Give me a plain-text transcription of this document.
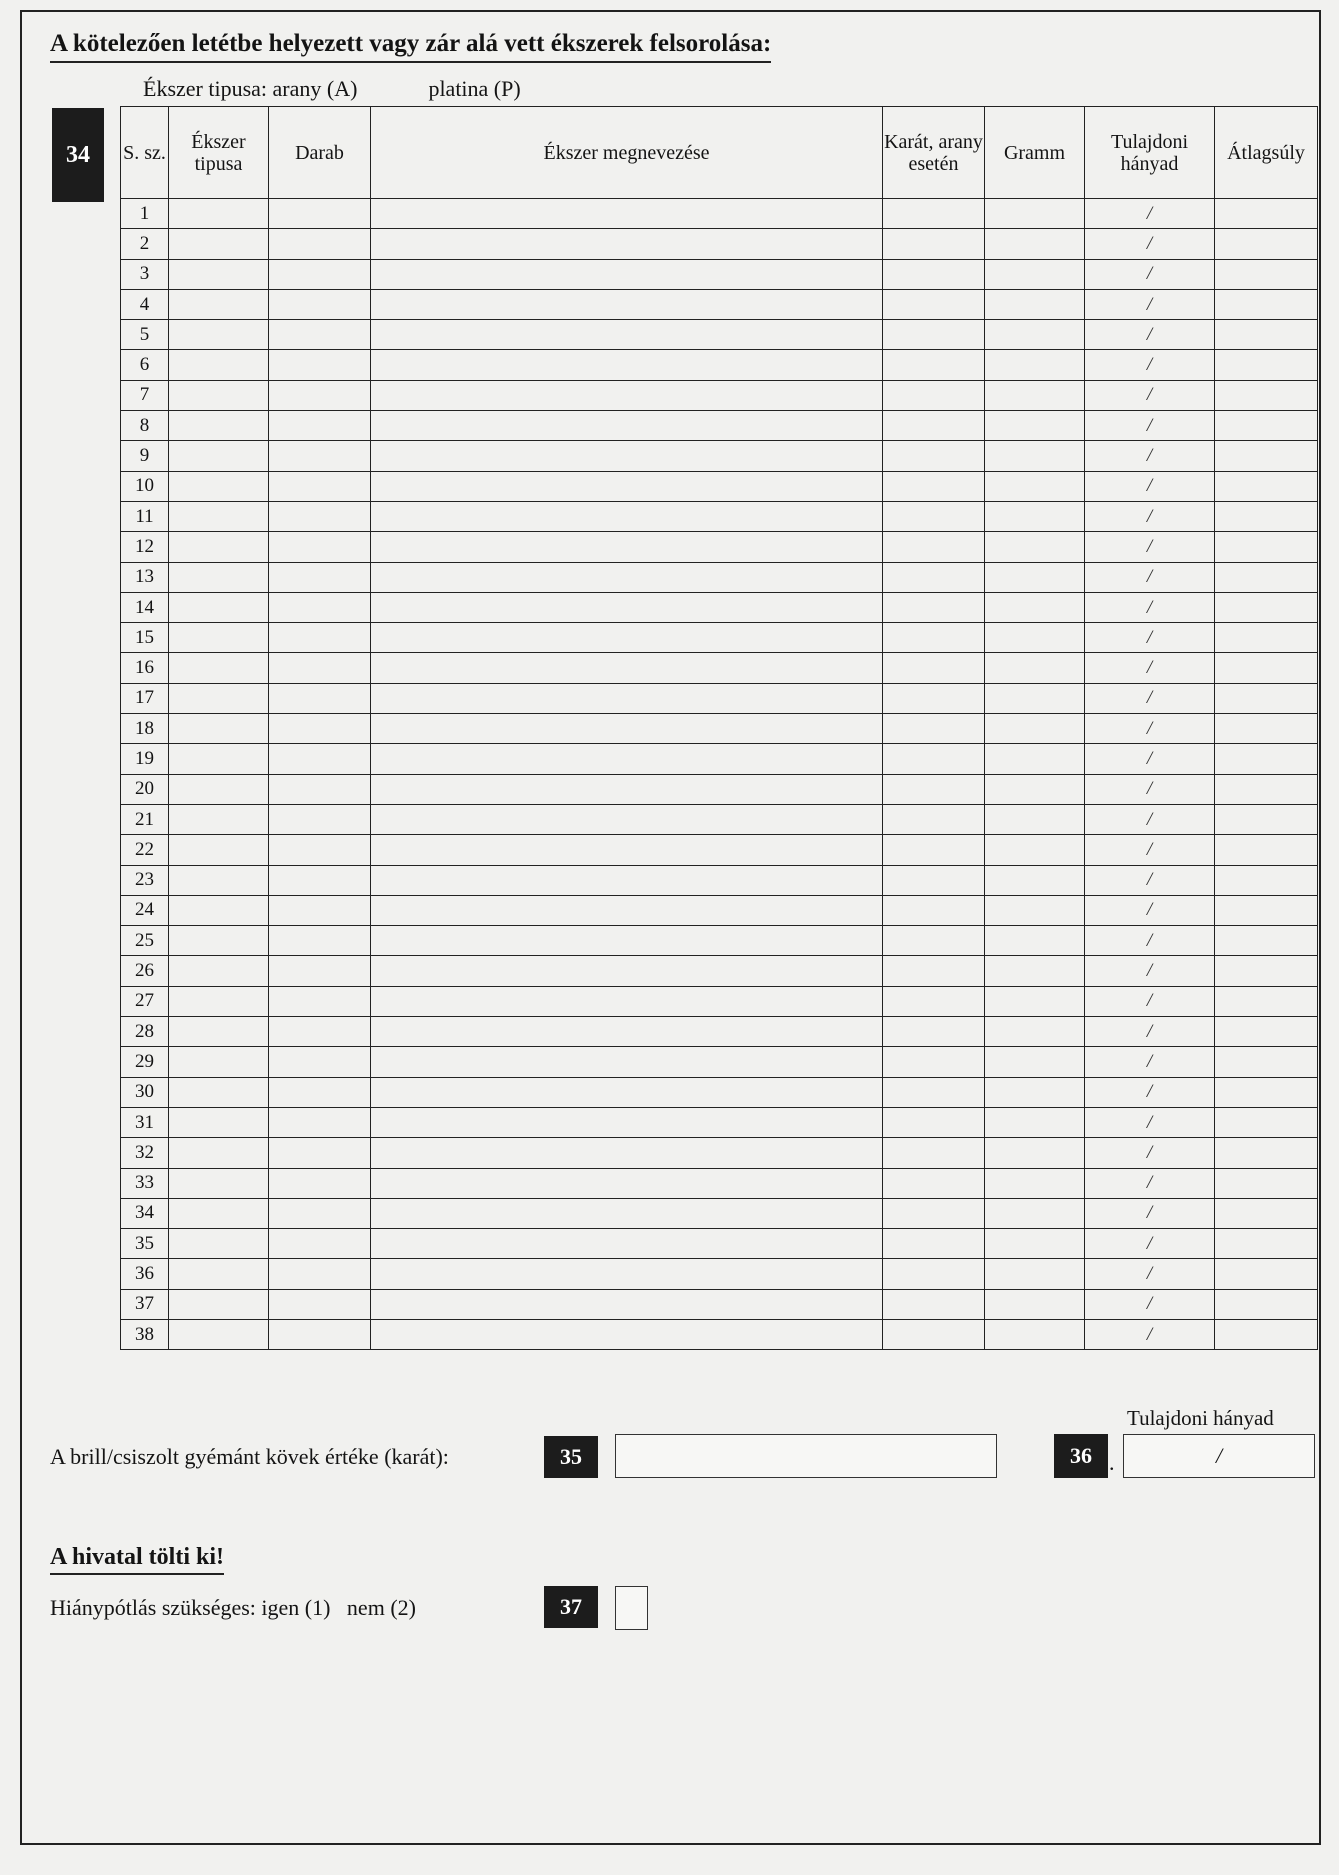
A kötelezően letétbe helyezett vagy zár alá vett ékszerek felsorolása:
Ékszer tipusa: arany (A)	platina (P)
34	S. sz.	Ékszer tipusa	Darab	Ékszer megnevezése	Karát, arany esetén	Gramm	Tulajdoni hányad	Átlagsúly
1						/	
2						/	
3						/	
4						/	
5						/	
6						/	
7						/	
8						/	
9						/	
10						/	
11						/	
12						/	
13						/	
14						/	
15						/	
16						/	
17						/	
18						/	
19						/	
20						/	
21						/	
22						/	
23						/	
24						/	
25						/	
26						/	
27						/	
28						/	
29						/	
30						/	
31						/	
32						/	
33						/	
34						/	
35						/	
36						/	
37						/	
38						/	
Tulajdoni hányad
A brill/csiszolt gyémánt kövek értéke (karát):	35	36 .	/
A hivatal tölti ki!
Hiánypótlás szükséges: igen (1)   nem (2)	37
